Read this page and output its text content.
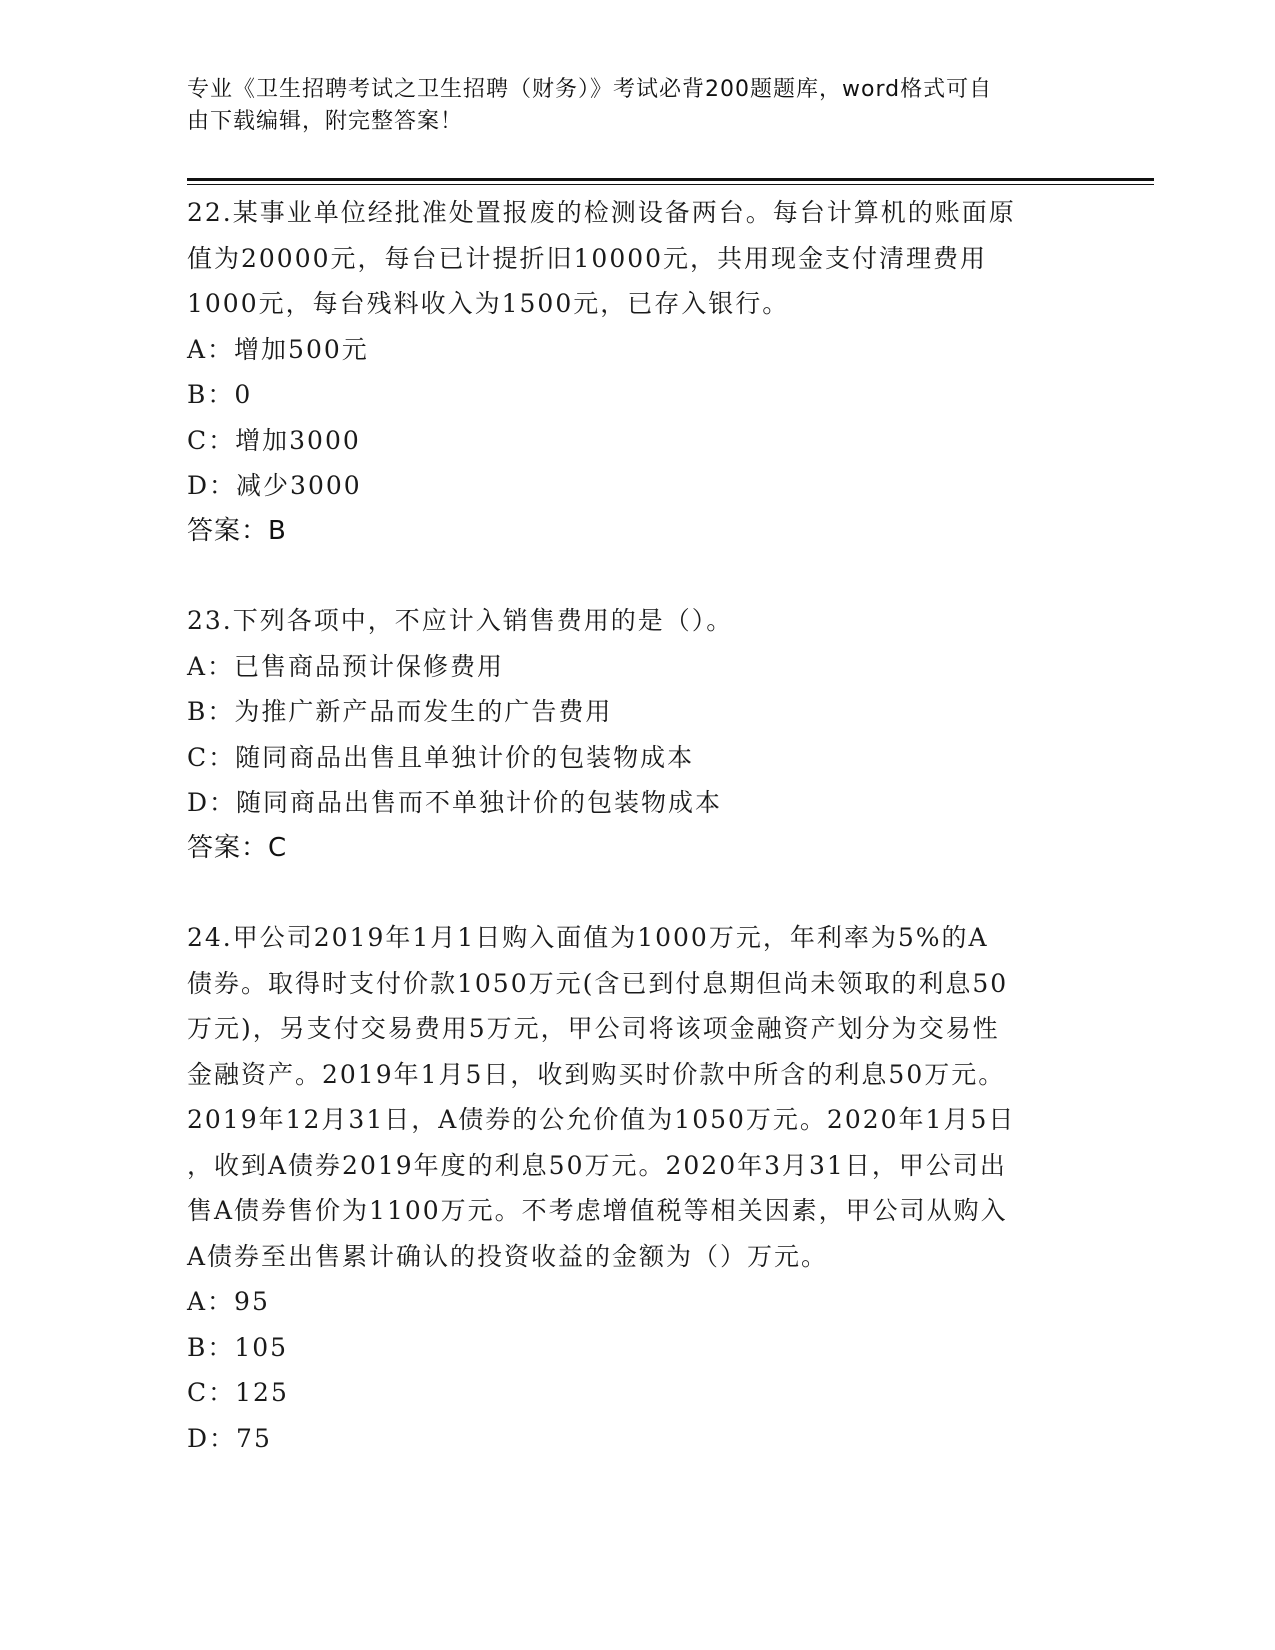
专业《卫生招聘考试之卫生招聘（财务）》考试必背200题题库，word格式可自
由下载编辑，附完整答案！
22.某事业单位经批准处置报废的检测设备两台。每台计算机的账面原
值为20000元，每台已计提折旧10000元，共用现金支付清理费用
1000元，每台残料收入为1500元，已存入银行。
A：增加500元
B：0
C：增加3000
D：减少3000
答案：B
23.下列各项中，不应计入销售费用的是（）。
A：已售商品预计保修费用
B：为推广新产品而发生的广告费用
C：随同商品出售且单独计价的包装物成本
D：随同商品出售而不单独计价的包装物成本
答案：C
24.甲公司2019年1月1日购入面值为1000万元，年利率为5%的A
债券。取得时支付价款1050万元(含已到付息期但尚未领取的利息50
万元)，另支付交易费用5万元，甲公司将该项金融资产划分为交易性
金融资产。2019年1月5日，收到购买时价款中所含的利息50万元。
2019年12月31日，A债券的公允价值为1050万元。2020年1月5日
，收到A债券2019年度的利息50万元。2020年3月31日，甲公司出
售A债券售价为1100万元。不考虑增值税等相关因素，甲公司从购入
A债券至出售累计确认的投资收益的金额为（）万元。
A：95
B：105
C：125
D：75
